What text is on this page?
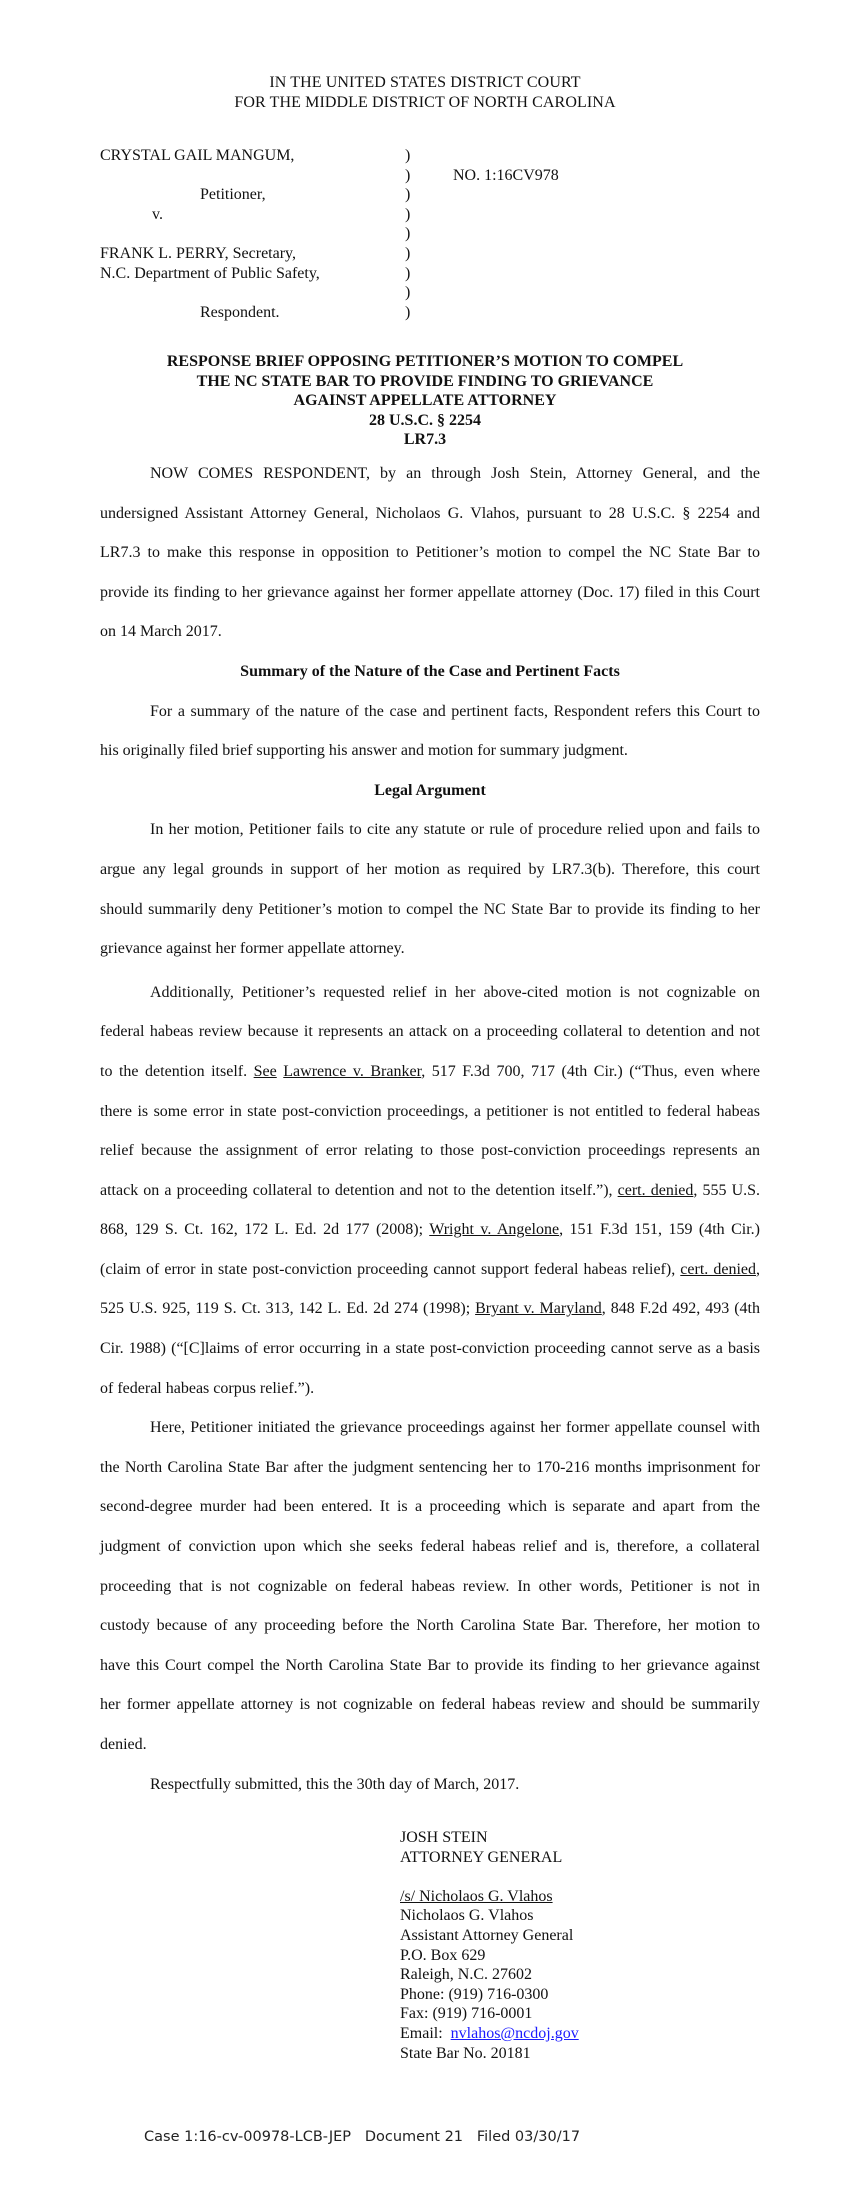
IN THE UNITED STATES DISTRICT COURT
FOR THE MIDDLE DISTRICT OF NORTH CAROLINA
CRYSTAL GAIL MANGUM,	)
)	NO. 1:16CV978
Petitioner,	)
v.	)
)
FRANK L. PERRY, Secretary,	)
N.C. Department of Public Safety,	)
)
Respondent.	)
RESPONSE BRIEF OPPOSING PETITIONER’S MOTION TO COMPEL
THE NC STATE BAR TO PROVIDE FINDING TO GRIEVANCE
AGAINST APPELLATE ATTORNEY
28 U.S.C. § 2254
LR7.3
NOW COMES RESPONDENT, by an through Josh Stein, Attorney General, and the
undersigned Assistant Attorney General, Nicholaos G. Vlahos, pursuant to 28 U.S.C. § 2254 and
LR7.3 to make this response in opposition to Petitioner’s motion to compel the NC State Bar to
provide its finding to her grievance against her former appellate attorney (Doc. 17) filed in this Court
on 14 March 2017.
Summary of the Nature of the Case and Pertinent Facts
For a summary of the nature of the case and pertinent facts, Respondent refers this Court to
his originally filed brief supporting his answer and motion for summary judgment.
Legal Argument
In her motion, Petitioner fails to cite any statute or rule of procedure relied upon and fails to
argue any legal grounds in support of her motion as required by LR7.3(b). Therefore, this court
should summarily deny Petitioner’s motion to compel the NC State Bar to provide its finding to her
grievance against her former appellate attorney.
Additionally, Petitioner’s requested relief in her above-cited motion is not cognizable on
federal habeas review because it represents an attack on a proceeding collateral to detention and not
to the detention itself. See Lawrence v. Branker, 517 F.3d 700, 717 (4th Cir.) (“Thus, even where
there is some error in state post-conviction proceedings, a petitioner is not entitled to federal habeas
relief because the assignment of error relating to those post-conviction proceedings represents an
attack on a proceeding collateral to detention and not to the detention itself.”), cert. denied, 555 U.S.
868, 129 S. Ct. 162, 172 L. Ed. 2d 177 (2008); Wright v. Angelone, 151 F.3d 151, 159 (4th Cir.)
(claim of error in state post-conviction proceeding cannot support federal habeas relief), cert. denied,
525 U.S. 925, 119 S. Ct. 313, 142 L. Ed. 2d 274 (1998); Bryant v. Maryland, 848 F.2d 492, 493 (4th
Cir. 1988) (“[C]laims of error occurring in a state post-conviction proceeding cannot serve as a basis
of federal habeas corpus relief.”).
Here, Petitioner initiated the grievance proceedings against her former appellate counsel with
the North Carolina State Bar after the judgment sentencing her to 170-216 months imprisonment for
second-degree murder had been entered. It is a proceeding which is separate and apart from the
judgment of conviction upon which she seeks federal habeas relief and is, therefore, a collateral
proceeding that is not cognizable on federal habeas review. In other words, Petitioner is not in
custody because of any proceeding before the North Carolina State Bar. Therefore, her motion to
have this Court compel the North Carolina State Bar to provide its finding to her grievance against
her former appellate attorney is not cognizable on federal habeas review and should be summarily
denied.
Respectfully submitted, this the 30th day of March, 2017.
JOSH STEIN
ATTORNEY GENERAL
/s/ Nicholaos G. Vlahos
Nicholaos G. Vlahos
Assistant Attorney General
P.O. Box 629
Raleigh, N.C. 27602
Phone: (919) 716-0300
Fax: (919) 716-0001
Email:  nvlahos@ncdoj.gov
State Bar No. 20181
Case 1:16-cv-00978-LCB-JEP   Document 21   Filed 03/30/17
